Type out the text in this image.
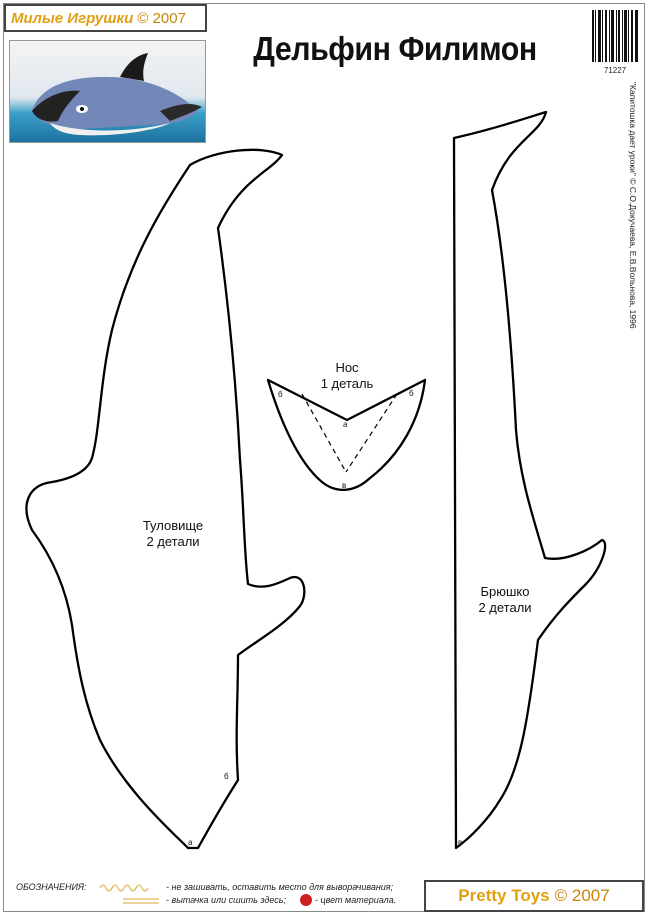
Милые Игрушки © 2007
Дельфин Филимон
71227
"Капитошка дает уроки" © С.О.Докучаева, Е.В.Вольнова, 1996
Туловище
2 детали
б
а
Нос
1 деталь
б	б
а
в
Брюшко
2 детали
в
ОБОЗНАЧЕНИЯ:	- не зашивать, оставить место для выворачивания;
- вытачка или сшить здесь;	- цвет материала.	Pretty Toys © 2007
